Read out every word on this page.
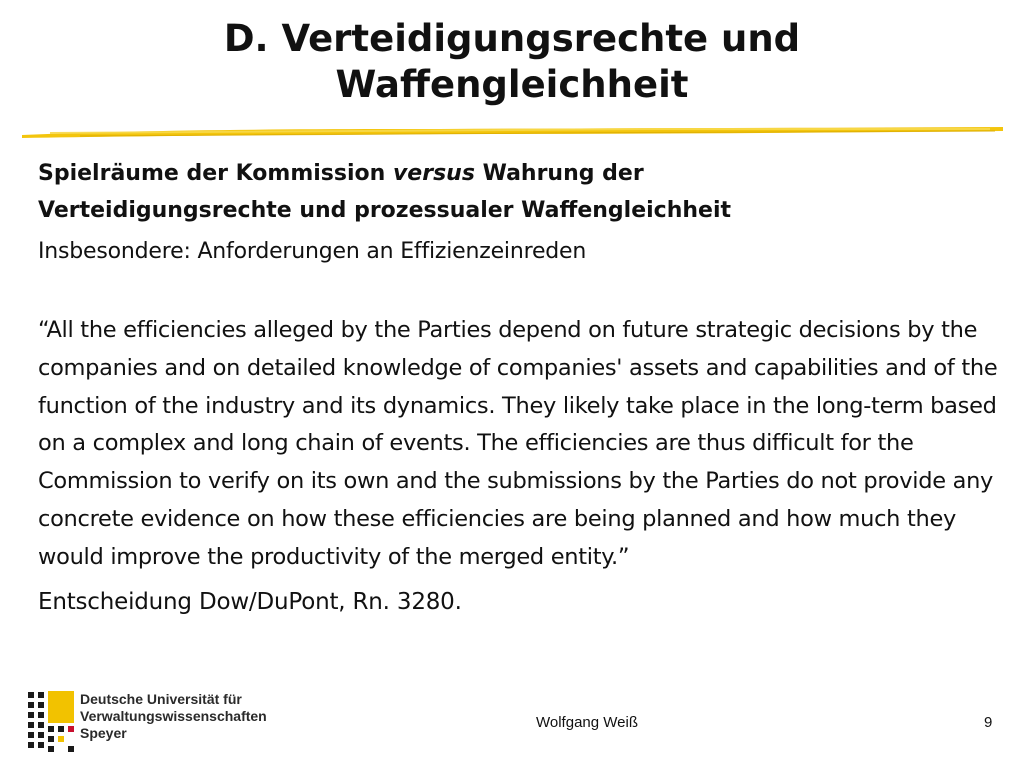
D. Verteidigungsrechte und
Waffengleichheit

Spielräume der Kommission versus Wahrung der
Verteidigungsrechte und prozessualer Waffengleichheit

Insbesondere: Anforderungen an Effizienzeinreden

“All the efficiencies alleged by the Parties depend on future strategic decisions by the companies and on detailed knowledge of companies' assets and capabilities and of the function of the industry and its dynamics. They likely take place in the long-term based on a complex and long chain of events. The efficiencies are thus difficult for the Commission to verify on its own and the submissions by the Parties do not provide any concrete evidence on how these efficiencies are being planned and how much they would improve the productivity of the merged entity.”

Entscheidung Dow/DuPont, Rn. 3280.

Deutsche Universität für
Verwaltungswissenschaften
Speyer
Wolfgang Weiß	9
